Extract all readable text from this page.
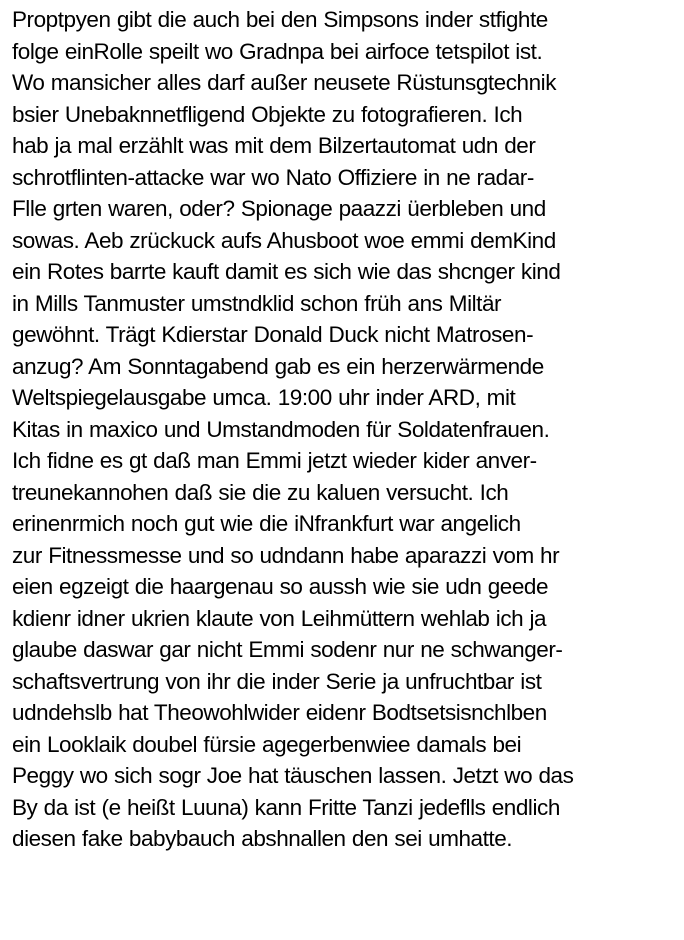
Proptpyen gibt die auch bei den Simpsons inder stfighte
folge einRolle speilt wo Gradnpa bei airfoce tetspilot ist.
Wo mansicher alles darf außer neusete Rüstunsgtechnik
bsier Unebaknnetfligend Objekte zu fotografieren. Ich
hab ja mal erzählt was mit dem Bilzertautomat udn der
schrotflinten-attacke war wo Nato Offiziere in ne radar-
Flle grten waren, oder? Spionage paazzi üerbleben und
sowas. Aeb zrückuck aufs Ahusboot woe emmi demKind
ein Rotes barrte kauft damit es sich wie das shcnger kind
in Mills Tanmuster umstndklid schon früh ans Miltär
gewöhnt. Trägt Kdierstar Donald Duck nicht Matrosen-
anzug? Am Sonntagabend gab es ein herzerwärmende
Weltspiegelausgabe umca. 19:00 uhr inder ARD, mit
Kitas in maxico und Umstandmoden für Soldatenfrauen.
Ich fidne es gt daß man Emmi jetzt wieder kider anver-
treunekannohen daß sie die zu kaluen versucht. Ich
erinenrmich noch gut wie die iNfrankfurt war angelich
zur Fitnessmesse und so udndann habe aparazzi vom hr
eien egzeigt die haargenau so aussh wie sie udn geede
kdienr idner ukrien klaute von Leihmüttern wehlab ich ja
glaube daswar gar nicht Emmi sodenr nur ne schwanger-
schaftsvertrung von ihr die inder Serie ja unfruchtbar ist
udndehslb hat Theowohlwider eidenr Bodtsetsisnchlben
ein Looklaik doubel fürsie agegerbenwiee damals bei
Peggy wo sich sogr Joe hat täuschen lassen. Jetzt wo das
By da ist (e heißt Luuna) kann Fritte Tanzi jedeflls endlich
diesen fake babybauch abshnallen den sei umhatte.
